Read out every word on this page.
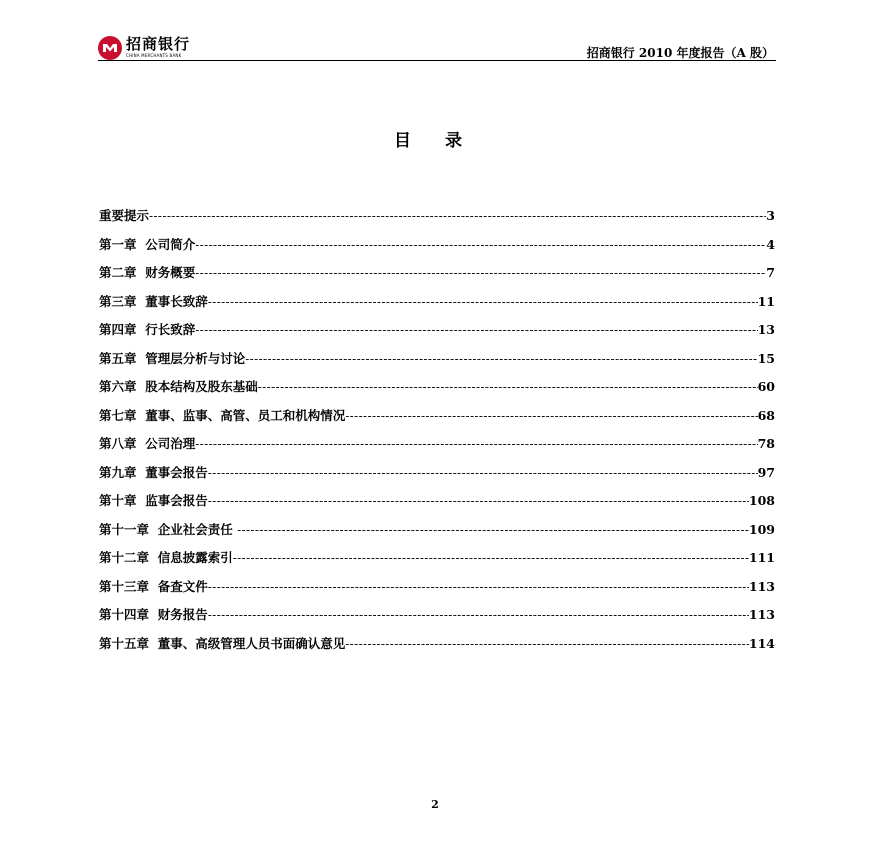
招商银行
CHINA MERCHANTS BANK	招商银行 2010 年度报告（A 股）
目 录
重要提示 -----	3
第一章  公司简介 -----	4
第二章  财务概要 -----	7
第三章  董事长致辞 -----	11
第四章  行长致辞 -----	13
第五章  管理层分析与讨论 -----	15
第六章  股本结构及股东基础 -----	60
第七章  董事、监事、高管、员工和机构情况 -----	68
第八章  公司治理 -----	78
第九章  董事会报告 -----	97
第十章  监事会报告 -----	108
第十一章  企业社会责任 -----	109
第十二章  信息披露索引 -----	111
第十三章  备查文件 -----	113
第十四章  财务报告 -----	113
第十五章  董事、高级管理人员书面确认意见 -----	114
2
